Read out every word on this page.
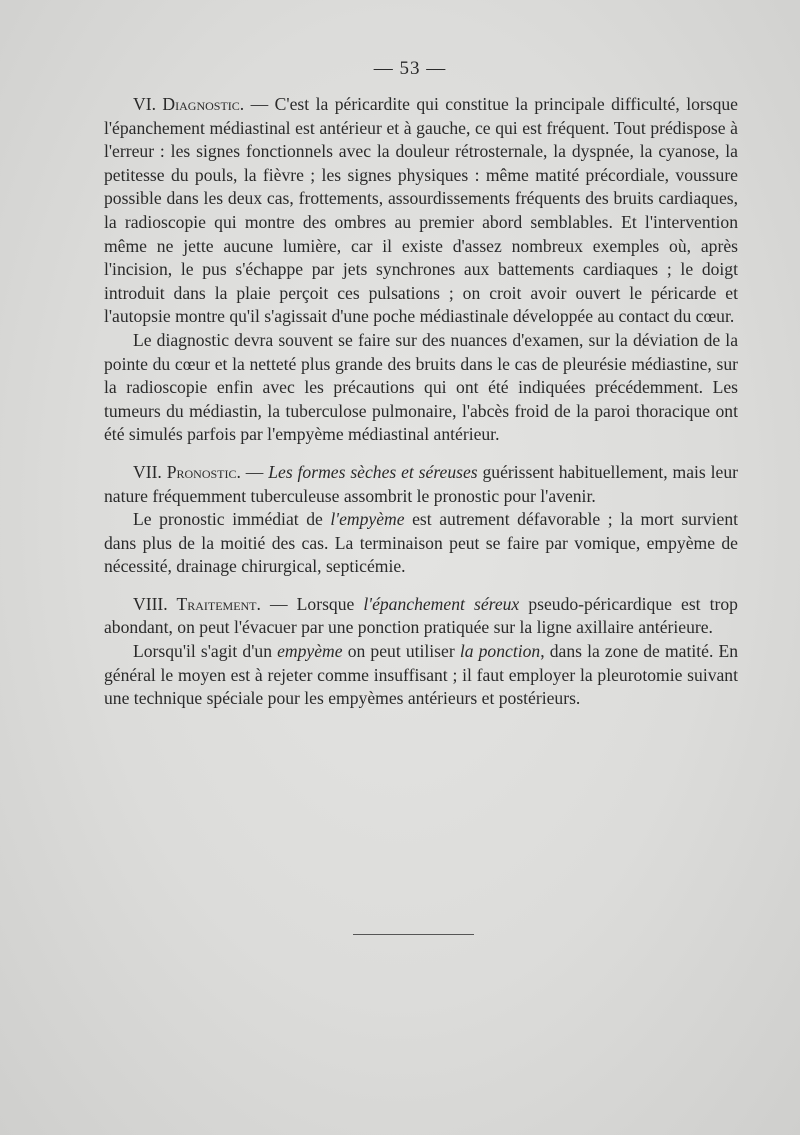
— 53 —

VI. Diagnostic. — C'est la péricardite qui constitue la principale difficulté, lorsque l'épanchement médiastinal est antérieur et à gauche, ce qui est fréquent. Tout prédispose à l'erreur : les signes fonctionnels avec la douleur rétrosternale, la dyspnée, la cyanose, la petitesse du pouls, la fièvre ; les signes physiques : même matité précordiale, voussure possible dans les deux cas, frottements, assourdissements fréquents des bruits cardiaques, la radioscopie qui montre des ombres au premier abord semblables. Et l'intervention même ne jette aucune lumière, car il existe d'assez nombreux exemples où, après l'incision, le pus s'échappe par jets synchrones aux battements cardiaques ; le doigt introduit dans la plaie perçoit ces pulsations ; on croit avoir ouvert le péricarde et l'autopsie montre qu'il s'agissait d'une poche médiastinale développée au contact du cœur.

Le diagnostic devra souvent se faire sur des nuances d'examen, sur la déviation de la pointe du cœur et la netteté plus grande des bruits dans le cas de pleurésie médiastine, sur la radioscopie enfin avec les précautions qui ont été indiquées précédemment. Les tumeurs du médiastin, la tuberculose pulmonaire, l'abcès froid de la paroi thoracique ont été simulés parfois par l'empyème médiastinal antérieur.

VII. Pronostic. — Les formes sèches et séreuses guérissent habituellement, mais leur nature fréquemment tuberculeuse assombrit le pronostic pour l'avenir.

Le pronostic immédiat de l'empyème est autrement défavorable ; la mort survient dans plus de la moitié des cas. La terminaison peut se faire par vomique, empyème de nécessité, drainage chirurgical, septicémie.

VIII. Traitement. — Lorsque l'épanchement séreux pseudo-péricardique est trop abondant, on peut l'évacuer par une ponction pratiquée sur la ligne axillaire antérieure.

Lorsqu'il s'agit d'un empyème on peut utiliser la ponction, dans la zone de matité. En général le moyen est à rejeter comme insuffisant ; il faut employer la pleurotomie suivant une technique spéciale pour les empyèmes antérieurs et postérieurs.
